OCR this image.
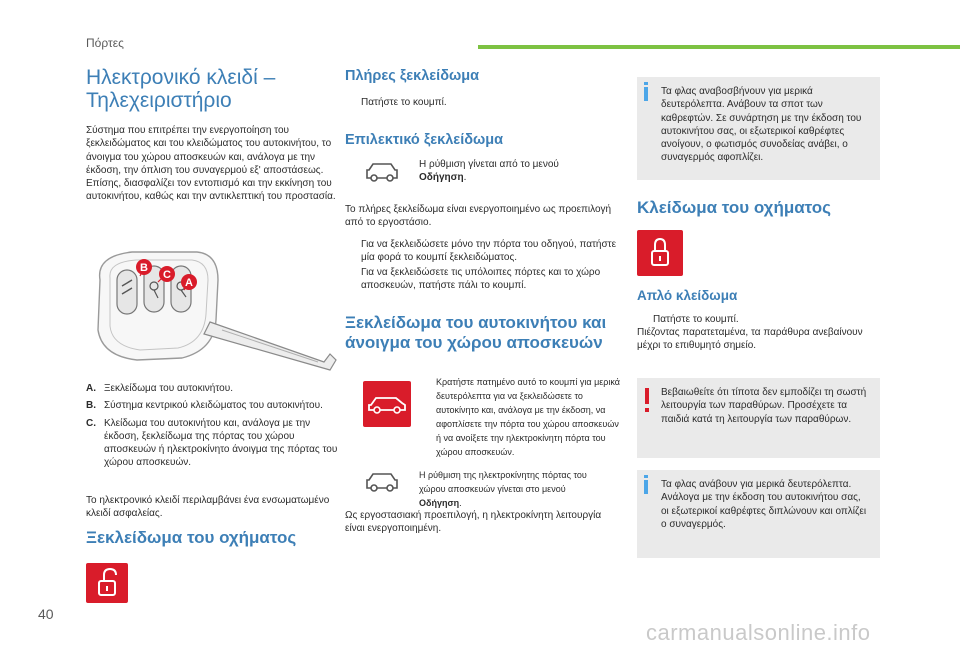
Πόρτες
Ηλεκτρονικό κλειδί –
Τηλεχειριστήριο
Σύστημα που επιτρέπει την ενεργοποίηση του ξεκλειδώματος και του κλειδώματος του αυτοκινήτου, το άνοιγμα του χώρου αποσκευών και, ανάλογα με την έκδοση, την όπλιση του συναγερμού εξ' αποστάσεως. Επίσης, διασφαλίζει τον εντοπισμό και την εκκίνηση του αυτοκινήτου, καθώς και την αντικλεπτική του προστασία.
B
C
A
A. Ξεκλείδωμα του αυτοκινήτου.
B. Σύστημα κεντρικού κλειδώματος του αυτοκινήτου.
C. Κλείδωμα του αυτοκινήτου και, ανάλογα με την έκδοση, ξεκλείδωμα της πόρτας του χώρου αποσκευών ή ηλεκτροκίνητο άνοιγμα της πόρτας του χώρου αποσκευών.
Το ηλεκτρονικό κλειδί περιλαμβάνει ένα ενσωματωμένο κλειδί ασφαλείας.
Ξεκλείδωμα του οχήματος
40
Πλήρες ξεκλείδωμα
Πατήστε το κουμπί.
Επιλεκτικό ξεκλείδωμα
Η ρύθμιση γίνεται από το μενού
Οδήγηση.
Το πλήρες ξεκλείδωμα είναι ενεργοποιημένο ως προεπιλογή από το εργοστάσιο.
Για να ξεκλειδώσετε μόνο την πόρτα του οδηγού, πατήστε μία φορά το κουμπί ξεκλειδώματος.
Για να ξεκλειδώσετε τις υπόλοιπες πόρτες και το χώρο αποσκευών, πατήστε πάλι το κουμπί.
Ξεκλείδωμα του αυτοκινήτου και άνοιγμα του χώρου αποσκευών
Κρατήστε πατημένο αυτό το κουμπί για μερικά δευτερόλεπτα για να ξεκλειδώσετε το αυτοκίνητο και, ανάλογα με την έκδοση, να αφοπλίσετε την πόρτα του χώρου αποσκευών ή να ανοίξετε την ηλεκτροκίνητη πόρτα του χώρου αποσκευών.
Η ρύθμιση της ηλεκτροκίνητης πόρτας του χώρου αποσκευών γίνεται στο μενού Οδήγηση.
Ως εργοστασιακή προεπιλογή, η ηλεκτροκίνητη λειτουργία είναι ενεργοποιημένη.
Τα φλας αναβοσβήνουν για μερικά δευτερόλεπτα. Ανάβουν τα σποτ των καθρεφτών. Σε συνάρτηση με την έκδοση του αυτοκινήτου σας, οι εξωτερικοί καθρέφτες ανοίγουν, ο φωτισμός συνοδείας ανάβει, ο συναγερμός αφοπλίζει.
Κλείδωμα του οχήματος
Απλό κλείδωμα
Πατήστε το κουμπί.
Πιέζοντας παρατεταμένα, τα παράθυρα ανεβαίνουν μέχρι το επιθυμητό σημείο.
Βεβαιωθείτε ότι τίποτα δεν εμποδίζει τη σωστή λειτουργία των παραθύρων. Προσέχετε τα παιδιά κατά τη λειτουργία των παραθύρων.
Τα φλας ανάβουν για μερικά δευτερόλεπτα. Ανάλογα με την έκδοση του αυτοκινήτου σας, οι εξωτερικοί καθρέφτες διπλώνουν και οπλίζει ο συναγερμός.
carmanualsonline.info
